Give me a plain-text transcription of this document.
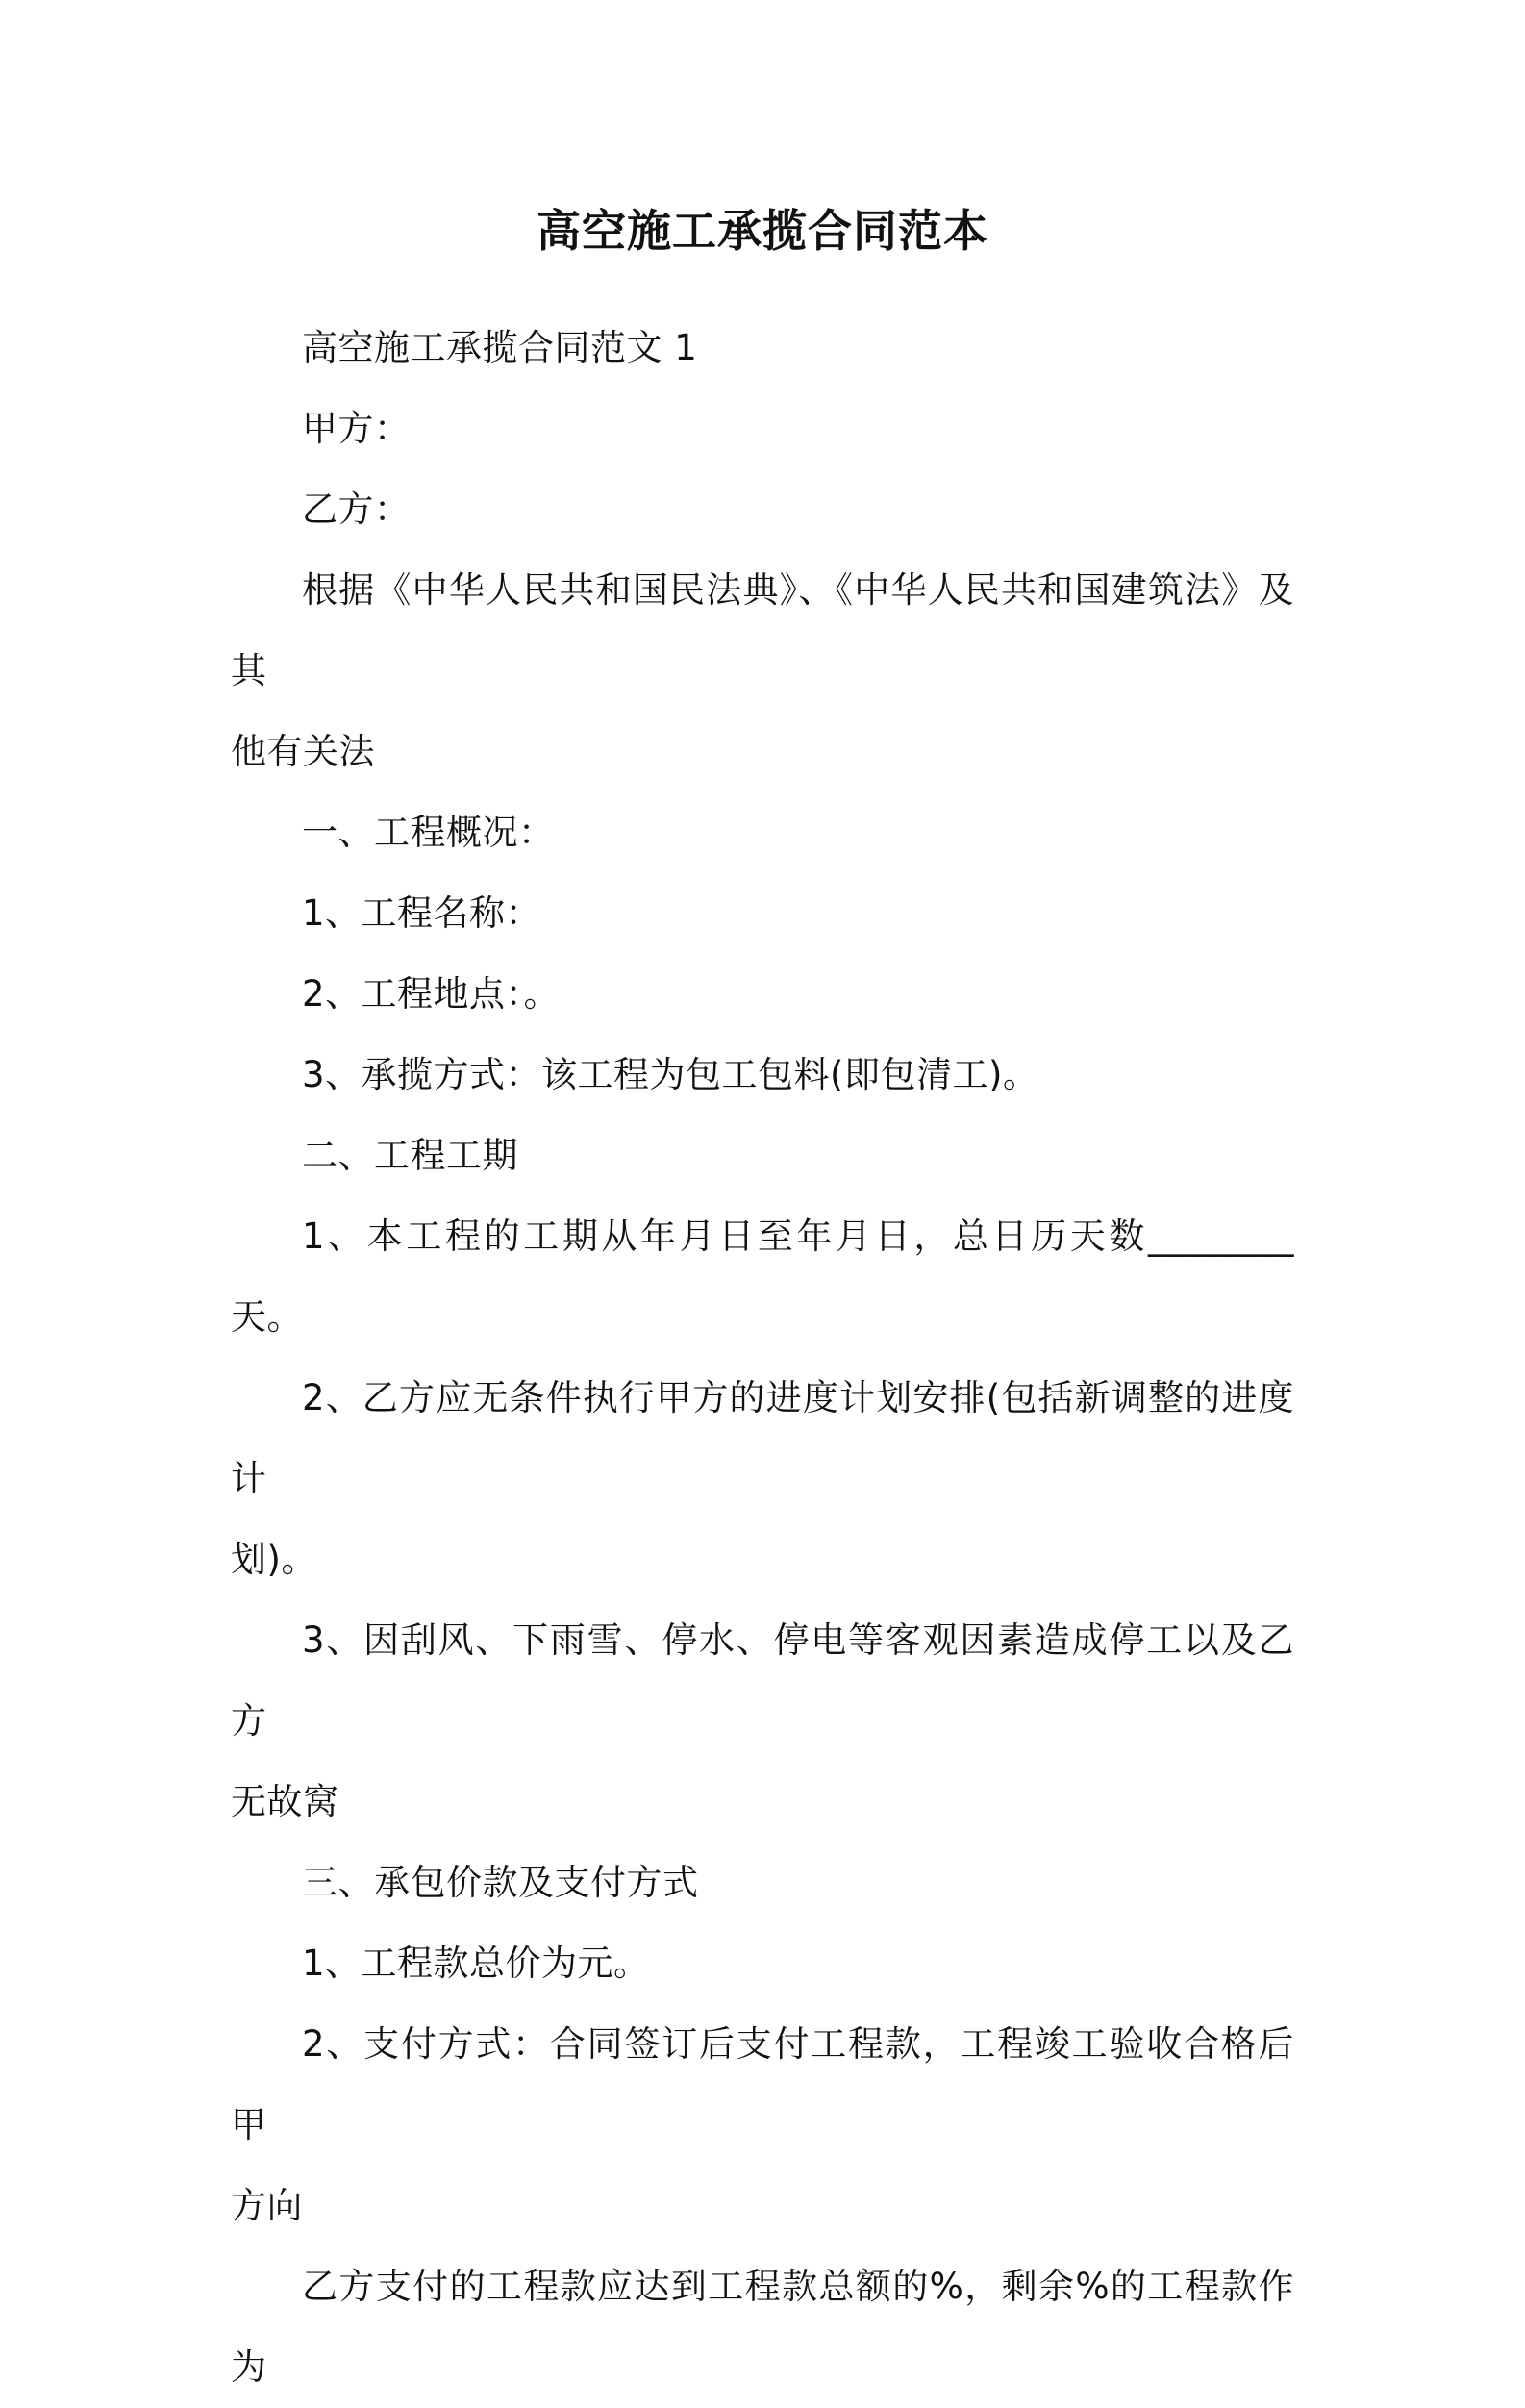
高空施工承揽合同范本

高空施工承揽合同范文 1

甲方：

乙方：

根据《中华人民共和国民法典》、《中华人民共和国建筑法》及其
他有关法

一、工程概况：

1、工程名称：

2、工程地点：。

3、承揽方式：该工程为包工包料(即包清工)。

二、工程工期

1、本工程的工期从年月日至年月日，总日历天数________天。

2、乙方应无条件执行甲方的进度计划安排(包括新调整的进度计
划)。

3、因刮风、下雨雪、停水、停电等客观因素造成停工以及乙方
无故窝

三、承包价款及支付方式

1、工程款总价为元。

2、支付方式：合同签订后支付工程款，工程竣工验收合格后甲
方向

乙方支付的工程款应达到工程款总额的%，剩余%的工程款作为
